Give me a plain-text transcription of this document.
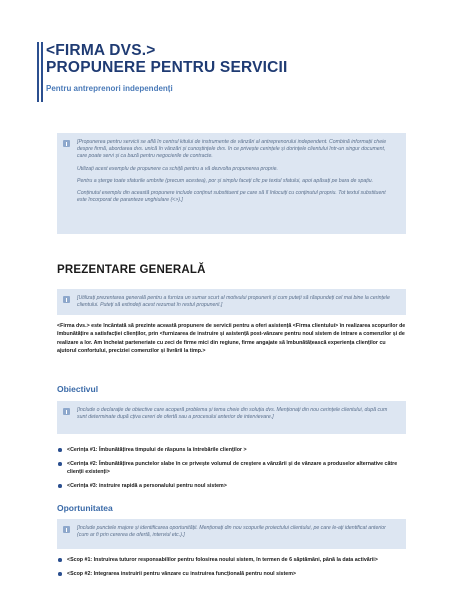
<FIRMA DVS.>
PROPUNERE PENTRU SERVICII
Pentru antreprenori independenți

[Propunerea pentru servicii se află în centrul kitului de instrumente de vânzări al antreprenorului independent. Combină informații cheie despre firmă, abordarea dvs. unică în vânzări și cunoștințele dvs. în ce privește cerințele și dorințele clientului într-un singur document, care poate servi și ca bază pentru negocierile de contracte.

Utilizați acest exemplu de propunere ca schiță pentru a vă dezvolta propunerea proprie.

Pentru a șterge toate sfaturile umbrite (precum acestea), por și simplu faceți clic pe textul sfatului, apoi apăsați pe bara de spațiu.

Conținutul exemplu din această propunere include conținut substituent pe care să îl înlocuiți cu conținutul propriu. Tot textul substituent este încorporat de paranteze unghiulare (<>).]

PREZENTARE GENERALĂ

[Utilizați prezentarea generală pentru a furniza un sumar scurt al motivului propunerii și cum puteți să răspundeți cel mai bine la cerințele clientului. Puteți să extindeți acest rezumat în restul propunerii.]

<Firma dvs.> este încântată să prezinte această propunere de servicii pentru a oferi asistență <Firma clientului> în realizarea scopurilor de îmbunătățire a satisfacției clienților, prin <furnizarea de instruire și asistență post-vânzare pentru noul sistem de intrare a comenzilor și de realizare a lor. Am încheiat parteneriate cu zeci de firme mici din regiune, firme angajate să îmbunătățească experiența clienților cu ajutorul confortului, preciziei comenzilor și livrării la timp.>
Obiectivul

[Include o declarație de obiective care acoperă problema și tema cheie din soluția dvs. Menționați din nou cerințele clientului, după cum sunt determinate după cțiva cereri de ofertă sau a procesului anterior de intervievare.]

<Cerința #1: Îmbunătățirea timpului de răspuns la întrebările clienților >
<Cerința #2: Îmbunătățirea punctelor slabe în ce privește volumul de creștere a vânzării și de vânzare a produselor alternative către clienții existenți>
<Cerința #3: instruire rapidă a personalului pentru noul sistem>
Oportunitatea

[Include punctele majore și identificarea oportunității. Menționați din nou scopurile proiectului clientului, pe care le-ați identificat anterior (cum ar fi prin cererea de ofertă, interviul etc.).]

<Scop #1: Instruirea tuturor responsabililor pentru folosirea noului sistem, în termen de 6 săptămâni, până la data activării>
<Scop #2: Integrarea instruirii pentru vânzare cu instruirea funcțională pentru noul sistem>
